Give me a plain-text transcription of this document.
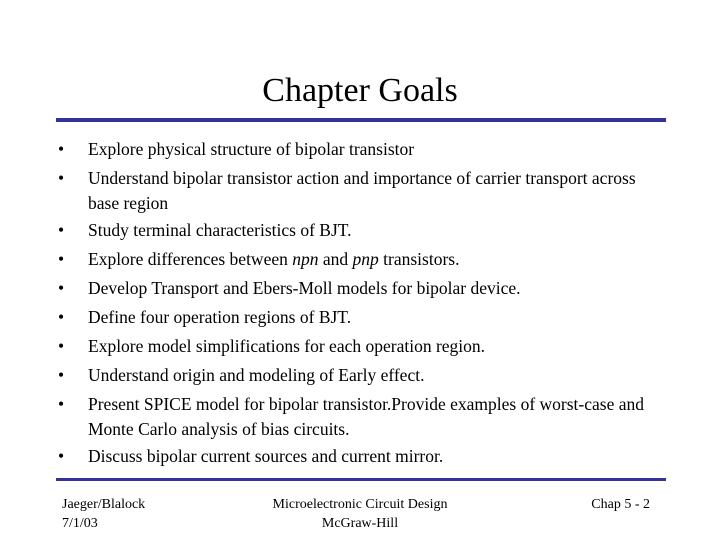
Chapter Goals
•	Explore physical structure of bipolar transistor
•	Understand bipolar transistor action and importance of carrier transport across base region
•	Study terminal characteristics of BJT.
•	Explore differences between npn and pnp transistors.
•	Develop Transport and Ebers-Moll models for bipolar device.
•	Define four operation regions of BJT.
•	Explore model simplifications for each operation region.
•	Understand origin and modeling of Early effect.
•	Present SPICE model for bipolar transistor.Provide examples of worst-case and Monte Carlo analysis of bias circuits.
•	Discuss bipolar current sources and current mirror.
Jaeger/Blalock
7/1/03
Microelectronic Circuit Design
McGraw-Hill
Chap 5 - 2
